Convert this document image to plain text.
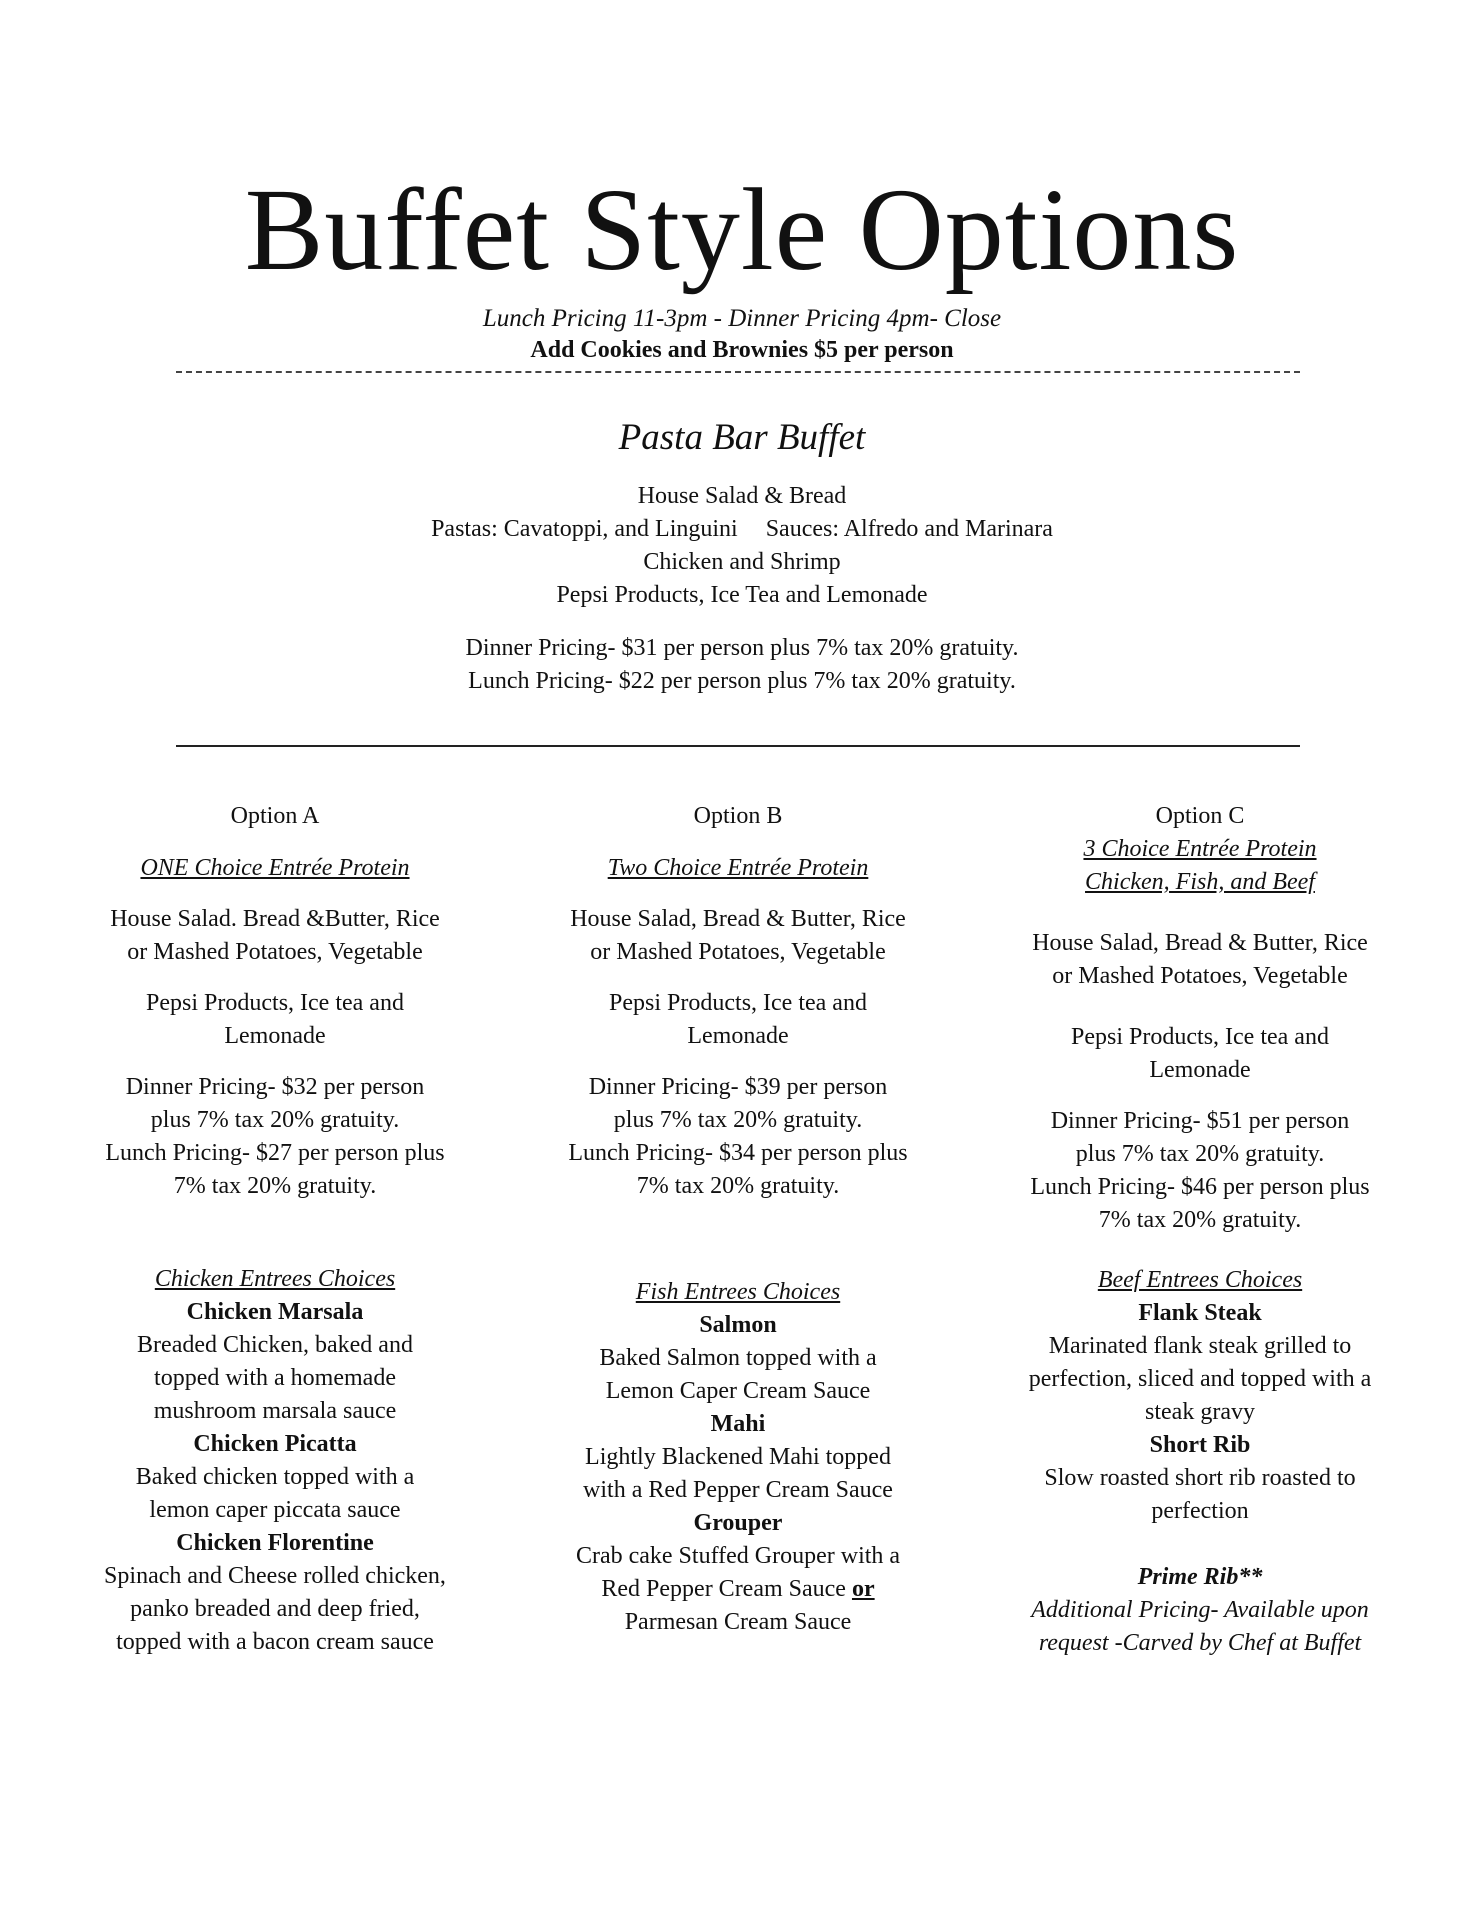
Buffet Style Options
Lunch Pricing 11-3pm - Dinner Pricing 4pm- Close
Add Cookies and Brownies $5 per person
Pasta Bar Buffet
House Salad & Bread
Pastas: Cavatoppi, and Linguini Sauces: Alfredo and Marinara
Chicken and Shrimp
Pepsi Products, Ice Tea and Lemonade
Dinner Pricing- $31 per person plus 7% tax 20% gratuity.
Lunch Pricing- $22 per person plus 7% tax 20% gratuity.
Option A
ONE Choice Entrée Protein
House Salad. Bread &Butter, Rice
or Mashed Potatoes, Vegetable
Pepsi Products, Ice tea and
Lemonade
Dinner Pricing- $32 per person
plus 7% tax 20% gratuity.
Lunch Pricing- $27 per person plus
7% tax 20% gratuity.
Chicken Entrees Choices
Chicken Marsala
Breaded Chicken, baked and
topped with a homemade
mushroom marsala sauce
Chicken Picatta
Baked chicken topped with a
lemon caper piccata sauce
Chicken Florentine
Spinach and Cheese rolled chicken,
panko breaded and deep fried,
topped with a bacon cream sauce
Option B
Two Choice Entrée Protein
House Salad, Bread & Butter, Rice
or Mashed Potatoes, Vegetable
Pepsi Products, Ice tea and
Lemonade
Dinner Pricing- $39 per person
plus 7% tax 20% gratuity.
Lunch Pricing- $34 per person plus
7% tax 20% gratuity.
Fish Entrees Choices
Salmon
Baked Salmon topped with a
Lemon Caper Cream Sauce
Mahi
Lightly Blackened Mahi topped
with a Red Pepper Cream Sauce
Grouper
Crab cake Stuffed Grouper with a
Red Pepper Cream Sauce or
Parmesan Cream Sauce
Option C
3 Choice Entrée Protein
Chicken, Fish, and Beef
House Salad, Bread & Butter, Rice
or Mashed Potatoes, Vegetable
Pepsi Products, Ice tea and
Lemonade
Dinner Pricing- $51 per person
plus 7% tax 20% gratuity.
Lunch Pricing- $46 per person plus
7% tax 20% gratuity.
Beef Entrees Choices
Flank Steak
Marinated flank steak grilled to
perfection, sliced and topped with a
steak gravy
Short Rib
Slow roasted short rib roasted to
perfection
Prime Rib**
Additional Pricing- Available upon
request -Carved by Chef at Buffet
